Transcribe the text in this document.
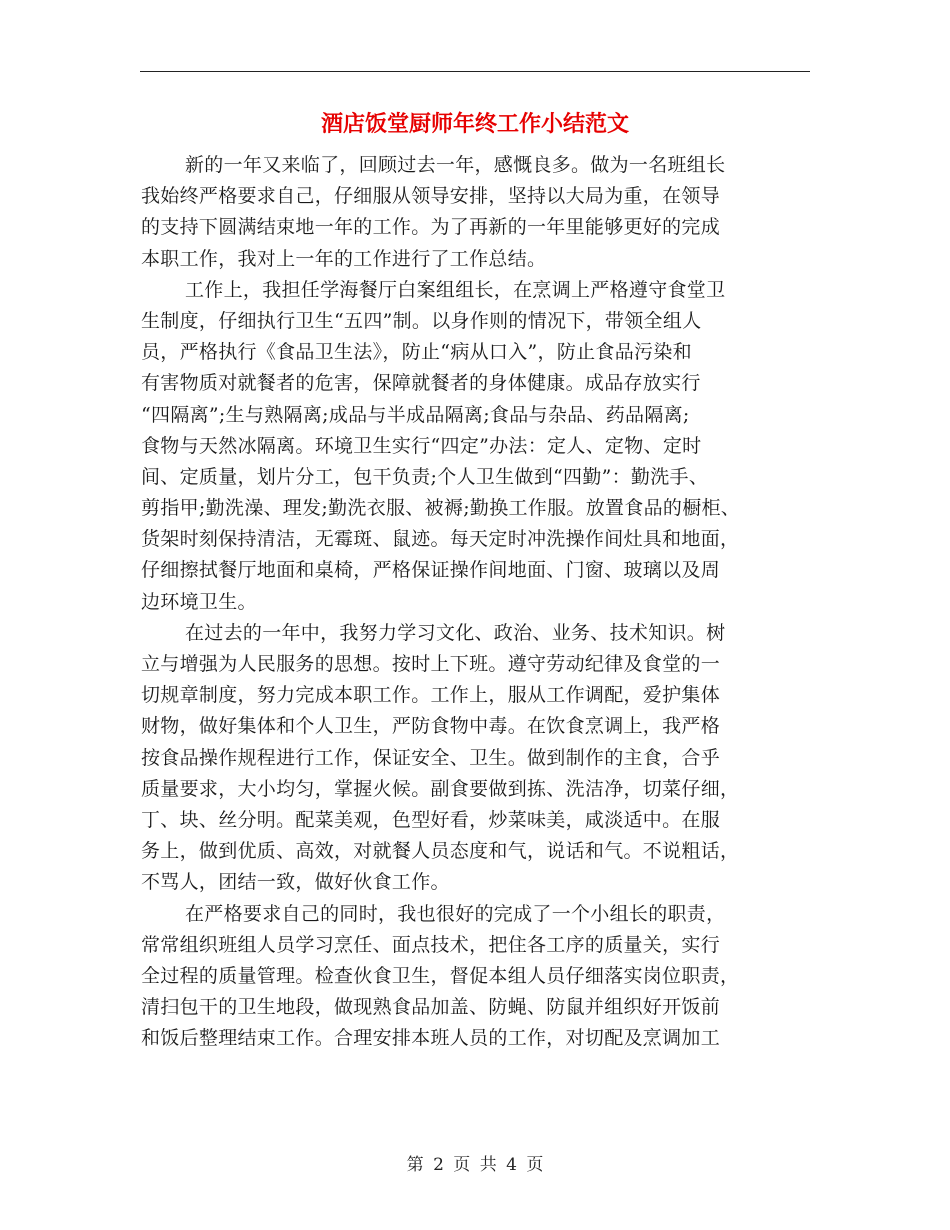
酒店饭堂厨师年终工作小结范文
新的一年又来临了，回顾过去一年，感慨良多。做为一名班组长
我始终严格要求自己，仔细服从领导安排，坚持以大局为重，在领导
的支持下圆满结束地一年的工作。为了再新的一年里能够更好的完成
本职工作，我对上一年的工作进行了工作总结。
工作上，我担任学海餐厅白案组组长，在烹调上严格遵守食堂卫
生制度，仔细执行卫生“五四”制。以身作则的情况下，带领全组人
员，严格执行《食品卫生法》，防止“病从口入”，防止食品污染和
有害物质对就餐者的危害，保障就餐者的身体健康。成品存放实行
“四隔离”;生与熟隔离;成品与半成品隔离;食品与杂品、药品隔离;
食物与天然冰隔离。环境卫生实行“四定”办法：定人、定物、定时
间、定质量，划片分工，包干负责;个人卫生做到“四勤”：勤洗手、
剪指甲;勤洗澡、理发;勤洗衣服、被褥;勤换工作服。放置食品的橱柜、
货架时刻保持清洁，无霉斑、鼠迹。每天定时冲洗操作间灶具和地面，
仔细擦拭餐厅地面和桌椅，严格保证操作间地面、门窗、玻璃以及周
边环境卫生。
在过去的一年中，我努力学习文化、政治、业务、技术知识。树
立与增强为人民服务的思想。按时上下班。遵守劳动纪律及食堂的一
切规章制度，努力完成本职工作。工作上，服从工作调配，爱护集体
财物，做好集体和个人卫生，严防食物中毒。在饮食烹调上，我严格
按食品操作规程进行工作，保证安全、卫生。做到制作的主食，合乎
质量要求，大小均匀，掌握火候。副食要做到拣、洗洁净，切菜仔细，
丁、块、丝分明。配菜美观，色型好看，炒菜味美，咸淡适中。在服
务上，做到优质、高效，对就餐人员态度和气，说话和气。不说粗话，
不骂人，团结一致，做好伙食工作。
在严格要求自己的同时，我也很好的完成了一个小组长的职责，
常常组织班组人员学习烹任、面点技术，把住各工序的质量关，实行
全过程的质量管理。检查伙食卫生，督促本组人员仔细落实岗位职责，
清扫包干的卫生地段，做现熟食品加盖、防蝇、防鼠并组织好开饭前
和饭后整理结束工作。合理安排本班人员的工作，对切配及烹调加工
第 2 页 共 4 页
